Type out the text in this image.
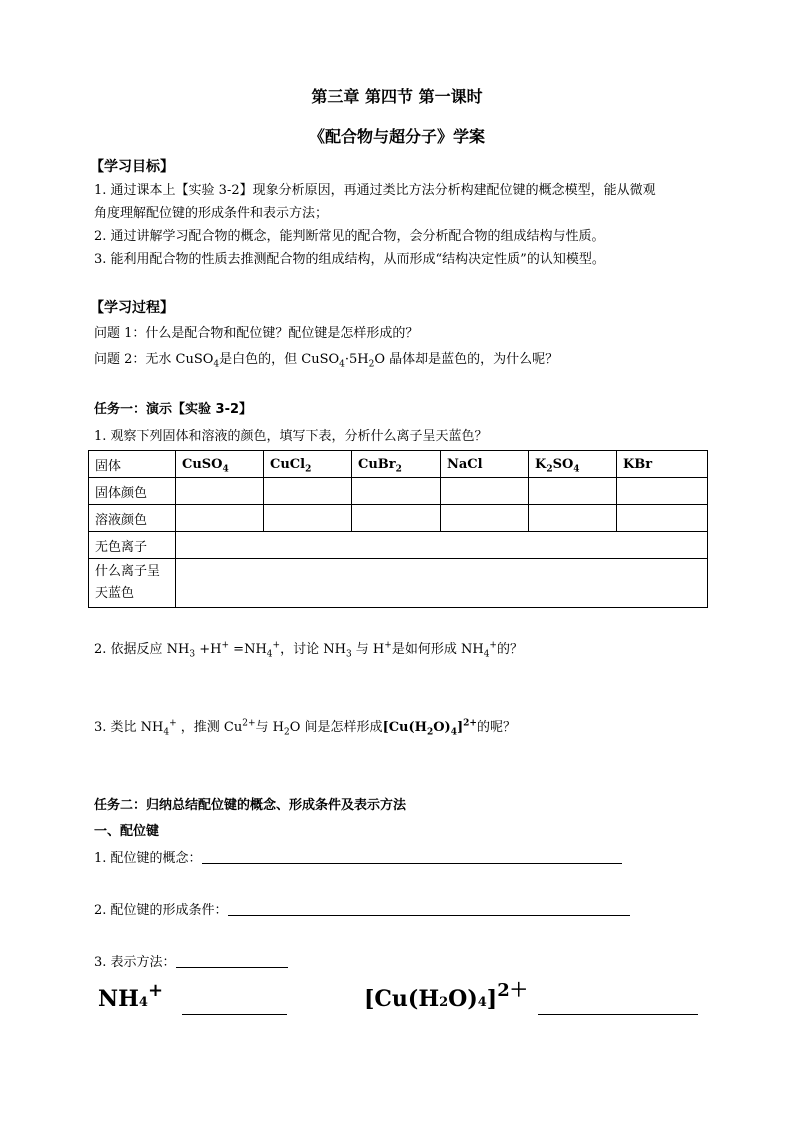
第三章 第四节 第一课时
《配合物与超分子》学案
【学习目标】
1. 通过课本上【实验 3-2】现象分析原因，再通过类比方法分析构建配位键的概念模型，能从微观
角度理解配位键的形成条件和表示方法；
2. 通过讲解学习配合物的概念，能判断常见的配合物，会分析配合物的组成结构与性质。
3. 能利用配合物的性质去推测配合物的组成结构，从而形成“结构决定性质”的认知模型。
【学习过程】
问题 1：什么是配合物和配位键？配位键是怎样形成的？
问题 2：无水 CuSO$_4$是白色的，但 $CuSO_4\cdot 5H_2O$ 晶体却是蓝色的，为什么呢？
任务一：演示【实验 3-2】
1. 观察下列固体和溶液的颜色，填写下表，分析什么离子呈天蓝色？
固体	CuSO$_4$	CuCl$_2$	CuBr$_2$	NaCl	$K_2SO_4$	KBr
固体颜色						
溶液颜色						
无色离子						
什么离子呈
天蓝色						
2. 依据反应 $NH_3 +H^+ =NH_4^+$，讨论 $NH_3$ 与 H+是如何形成 $NH_4^+$的？
3. 类比 $NH_4^+$ ，推测 $Cu^{2+}$与 $H_2O$ 间是怎样形成$[Cu(H_2O)_4]^{2+}$的呢？
任务二：归纳总结配位键的概念、形成条件及表示方法
一、配位键
1. 配位键的概念：
2. 配位键的形成条件：
3. 表示方法：
NH4+	$[Cu(H2O)4]^{2+}$
